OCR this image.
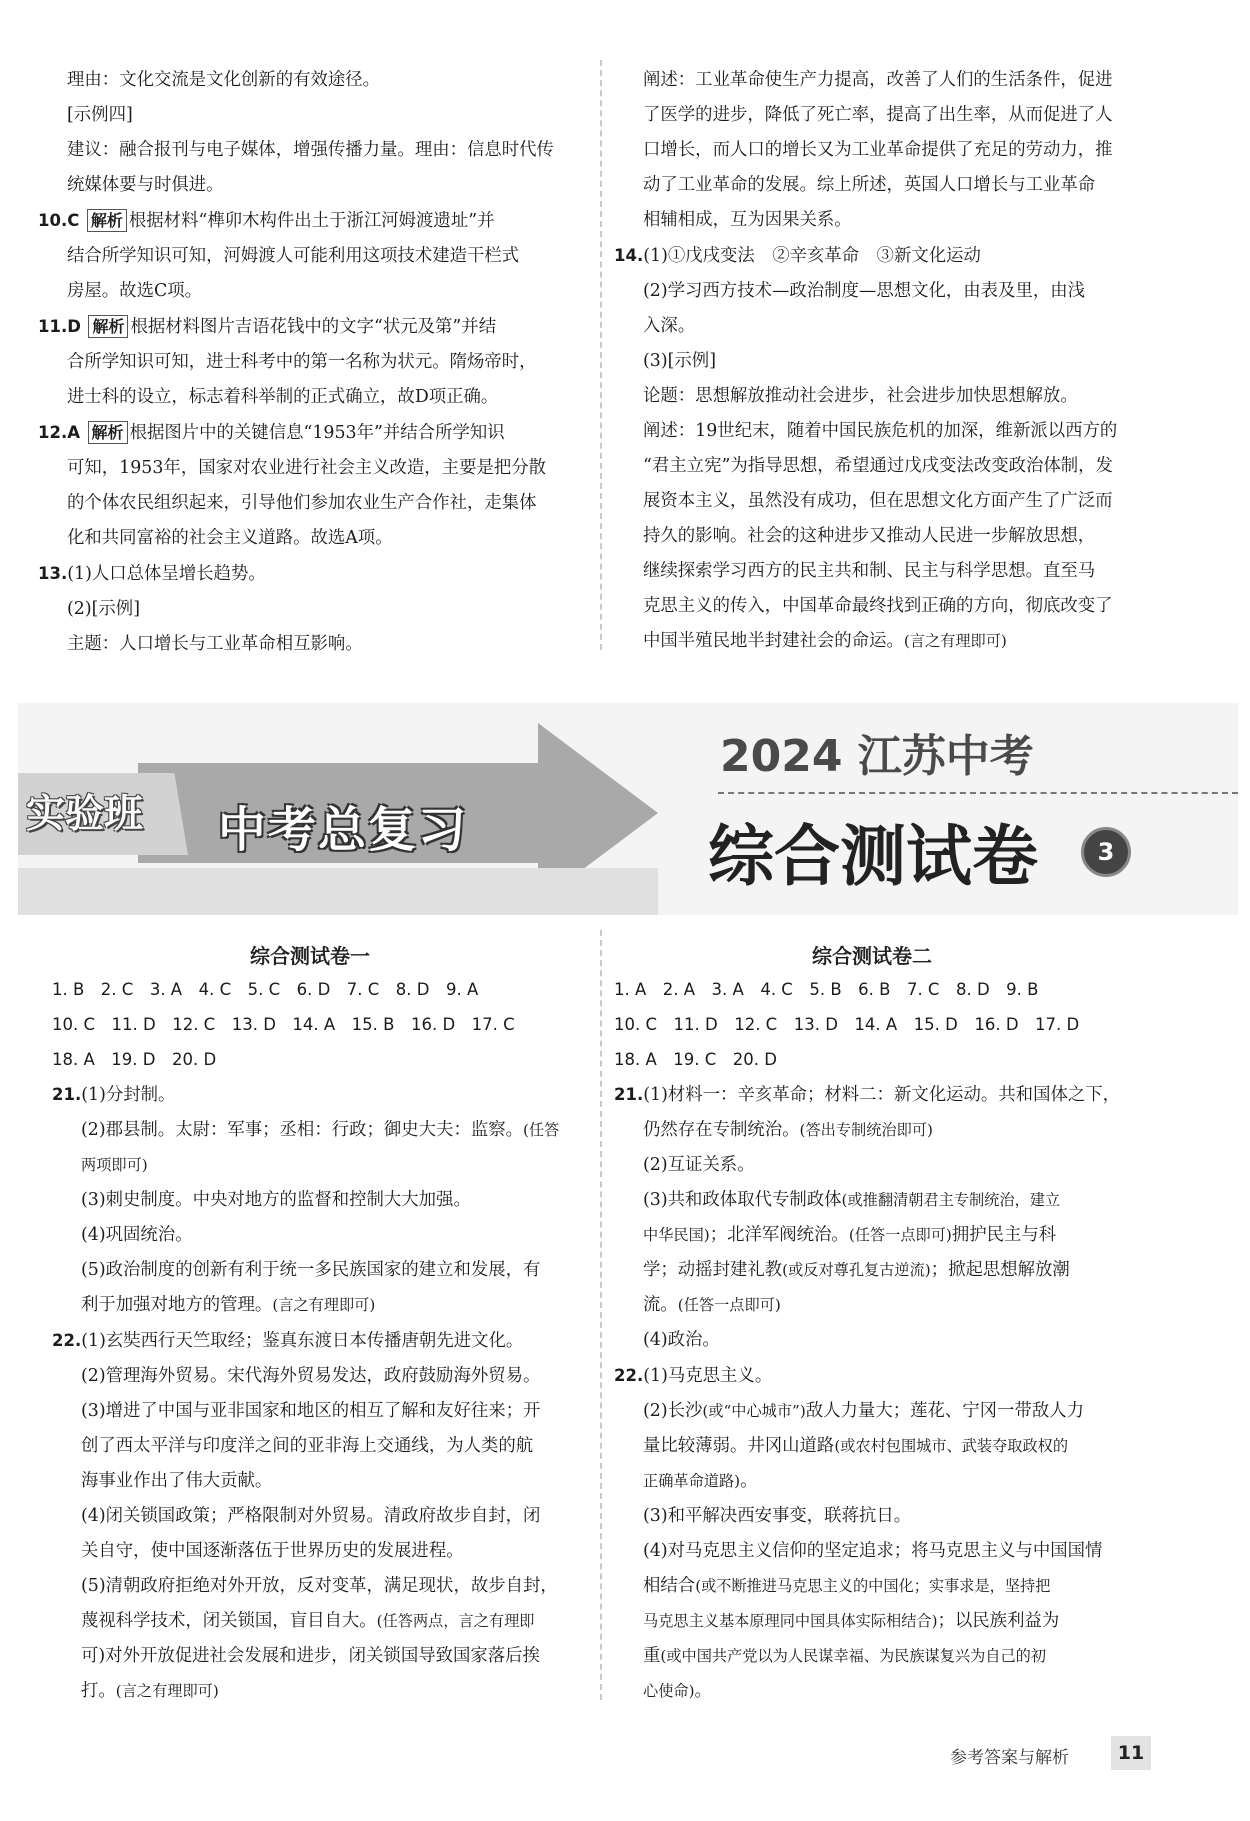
理由：文化交流是文化创新的有效途径。

[示例四]

建议：融合报刊与电子媒体，增强传播力量。理由：信息时代传

统媒体要与时俱进。

10.C 解析 根据材料“榫卯木构件出土于浙江河姆渡遗址”并

结合所学知识可知，河姆渡人可能利用这项技术建造干栏式

房屋。故选C项。

11.D 解析 根据材料图片吉语花钱中的文字“状元及第”并结

合所学知识可知，进士科考中的第一名称为状元。隋炀帝时，

进士科的设立，标志着科举制的正式确立，故D项正确。

12.A 解析 根据图片中的关键信息“1953年”并结合所学知识

可知，1953年，国家对农业进行社会主义改造，主要是把分散

的个体农民组织起来，引导他们参加农业生产合作社，走集体

化和共同富裕的社会主义道路。故选A项。

13.(1)人口总体呈增长趋势。

(2)[示例]

主题：人口增长与工业革命相互影响。

阐述：工业革命使生产力提高，改善了人们的生活条件，促进

了医学的进步，降低了死亡率，提高了出生率，从而促进了人

口增长，而人口的增长又为工业革命提供了充足的劳动力，推

动了工业革命的发展。综上所述，英国人口增长与工业革命

相辅相成，互为因果关系。

14.(1)①戊戌变法　②辛亥革命　③新文化运动

(2)学习西方技术—政治制度—思想文化，由表及里，由浅

入深。

(3)[示例]

论题：思想解放推动社会进步，社会进步加快思想解放。

阐述：19世纪末，随着中国民族危机的加深，维新派以西方的

“君主立宪”为指导思想，希望通过戊戌变法改变政治体制，发

展资本主义，虽然没有成功，但在思想文化方面产生了广泛而

持久的影响。社会的这种进步又推动人民进一步解放思想，

继续探索学习西方的民主共和制、民主与科学思想。直至马

克思主义的传入，中国革命最终找到正确的方向，彻底改变了

中国半殖民地半封建社会的命运。(言之有理即可)

实验班 中考总复习
2024 江苏中考
综合测试卷	3
综合测试卷一

1. B　2. C　3. A　4. C　5. C　6. D　7. C　8. D　9. A

10. C　11. D　12. C　13. D　14. A　15. B　16. D　17. C

18. A　19. D　20. D

21.(1)分封制。

(2)郡县制。太尉：军事；丞相：行政；御史大夫：监察。(任答

两项即可)

(3)刺史制度。中央对地方的监督和控制大大加强。

(4)巩固统治。

(5)政治制度的创新有利于统一多民族国家的建立和发展，有

利于加强对地方的管理。(言之有理即可)

22.(1)玄奘西行天竺取经；鉴真东渡日本传播唐朝先进文化。

(2)管理海外贸易。宋代海外贸易发达，政府鼓励海外贸易。

(3)增进了中国与亚非国家和地区的相互了解和友好往来；开

创了西太平洋与印度洋之间的亚非海上交通线，为人类的航

海事业作出了伟大贡献。

(4)闭关锁国政策；严格限制对外贸易。清政府故步自封，闭

关自守，使中国逐渐落伍于世界历史的发展进程。

(5)清朝政府拒绝对外开放，反对变革，满足现状，故步自封，

蔑视科学技术，闭关锁国，盲目自大。(任答两点，言之有理即

可)对外开放促进社会发展和进步，闭关锁国导致国家落后挨

打。(言之有理即可)

综合测试卷二

1. A　2. A　3. A　4. C　5. B　6. B　7. C　8. D　9. B

10. C　11. D　12. C　13. D　14. A　15. D　16. D　17. D

18. A　19. C　20. D

21.(1)材料一：辛亥革命；材料二：新文化运动。共和国体之下，

仍然存在专制统治。(答出专制统治即可)

(2)互证关系。

(3)共和政体取代专制政体(或推翻清朝君主专制统治，建立

中华民国)；北洋军阀统治。(任答一点即可)拥护民主与科

学；动摇封建礼教(或反对尊孔复古逆流)；掀起思想解放潮

流。(任答一点即可)

(4)政治。

22.(1)马克思主义。

(2)长沙(或“中心城市”)敌人力量大；莲花、宁冈一带敌人力

量比较薄弱。井冈山道路(或农村包围城市、武装夺取政权的

正确革命道路)。

(3)和平解决西安事变，联蒋抗日。

(4)对马克思主义信仰的坚定追求；将马克思主义与中国国情

相结合(或不断推进马克思主义的中国化；实事求是，坚持把

马克思主义基本原理同中国具体实际相结合)；以民族利益为

重(或中国共产党以为人民谋幸福、为民族谋复兴为自己的初

心使命)。

参考答案与解析	11
